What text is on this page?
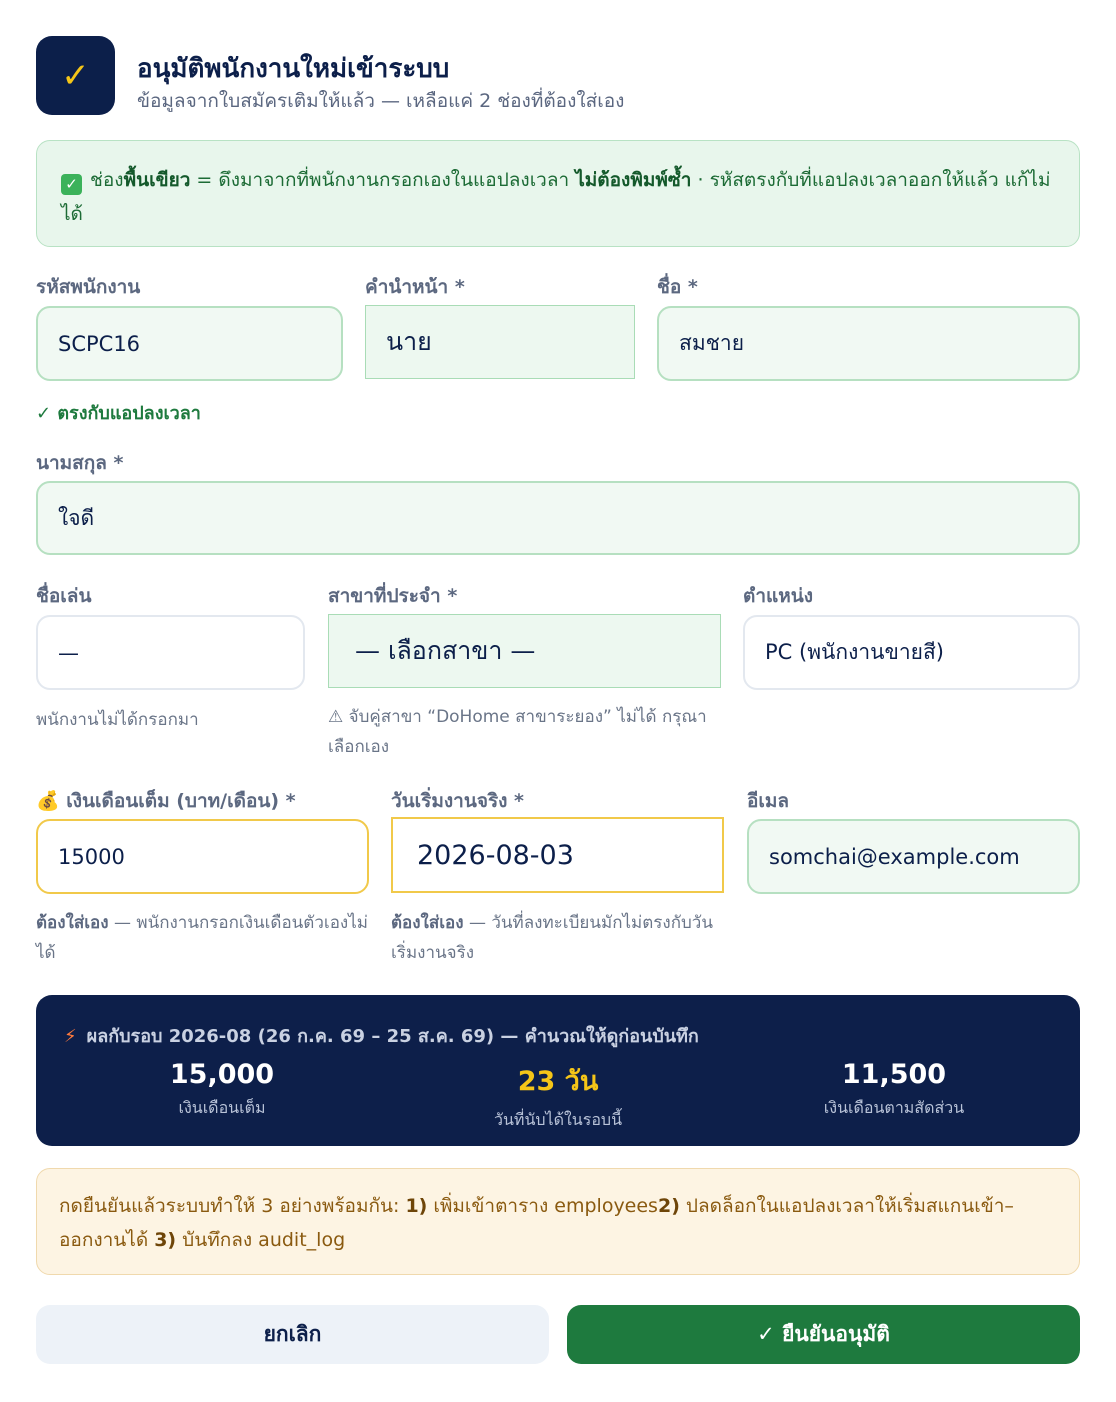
✓	อนุมัติพนักงานใหม่เข้าระบบ
ข้อมูลจากใบสมัครเติมให้แล้ว — เหลือแค่ 2 ช่องที่ต้องใส่เอง
✓ ช่องพื้นเขียว = ดึงมาจากที่พนักงานกรอกเองในแอปลงเวลา ไม่ต้องพิมพ์ซ้ำ · รหัสตรงกับที่แอปลงเวลาออกให้แล้ว แก้ไม่ได้
รหัสพนักงาน
SCPC16
คำนำหน้า *
นาย
ชื่อ *
สมชาย
✓ ตรงกับแอปลงเวลา
นามสกุล *
ใจดี
ชื่อเล่น
—
พนักงานไม่ได้กรอกมา
สาขาที่ประจำ *
— เลือกสาขา —
⚠ จับคู่สาขา “DoHome สาขาระยอง” ไม่ได้ กรุณาเลือกเอง
ตำแหน่ง
PC (พนักงานขายสี)
💰 เงินเดือนเต็ม (บาท/เดือน) *
15000
ต้องใส่เอง — พนักงานกรอกเงินเดือนตัวเองไม่ได้
วันเริ่มงานจริง *
2026-08-03
ต้องใส่เอง — วันที่ลงทะเบียนมักไม่ตรงกับวันเริ่มงานจริง
อีเมล
somchai@example.com
⚡ ผลกับรอบ 2026-08 (26 ก.ค. 69 – 25 ส.ค. 69) — คำนวณให้ดูก่อนบันทึก
15,000
เงินเดือนเต็ม
23 วัน
วันที่นับได้ในรอบนี้
11,500
เงินเดือนตามสัดส่วน
กดยืนยันแล้วระบบทำให้ 3 อย่างพร้อมกัน: 1) เพิ่มเข้าตาราง employees2) ปลดล็อกในแอปลงเวลาให้เริ่มสแกนเข้า–ออกงานได้ 3) บันทึกลง audit_log
ยกเลิก	✓ ยืนยันอนุมัติ
